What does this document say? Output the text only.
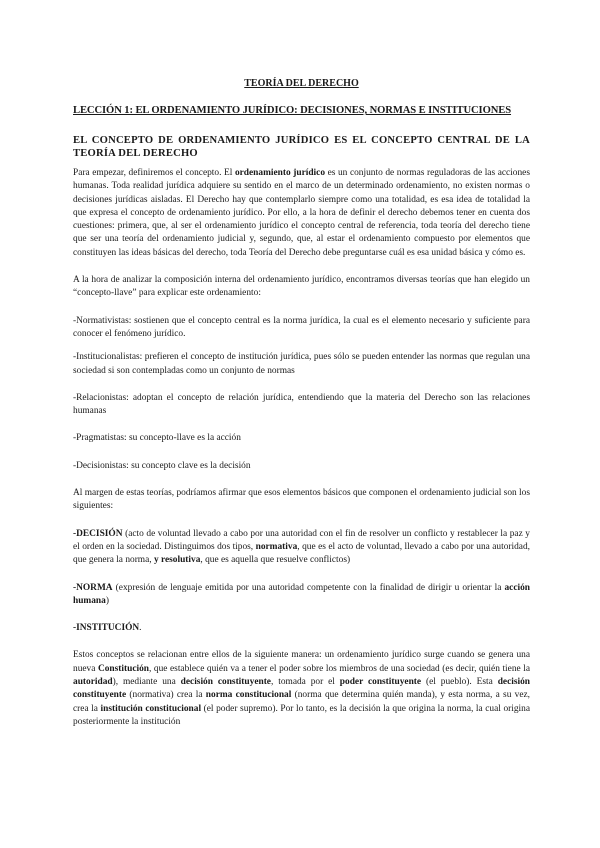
TEORÍA DEL DERECHO
LECCIÓN 1: EL ORDENAMIENTO JURÍDICO: DECISIONES, NORMAS E INSTITUCIONES
EL CONCEPTO DE ORDENAMIENTO JURÍDICO ES EL CONCEPTO CENTRAL DE LA TEORÍA DEL DERECHO

Para empezar, definiremos el concepto. El ordenamiento jurídico es un conjunto de normas reguladoras de las acciones humanas. Toda realidad jurídica adquiere su sentido en el marco de un determinado ordenamiento, no existen normas o decisiones jurídicas aisladas. El Derecho hay que contemplarlo siempre como una totalidad, es esa idea de totalidad la que expresa el concepto de ordenamiento jurídico. Por ello, a la hora de definir el derecho debemos tener en cuenta dos cuestiones: primera, que, al ser el ordenamiento jurídico el concepto central de referencia, toda teoría del derecho tiene que ser una teoría del ordenamiento judicial y, segundo, que, al estar el ordenamiento compuesto por elementos que constituyen las ideas básicas del derecho, toda Teoría del Derecho debe preguntarse cuál es esa unidad básica y cómo es.

A la hora de analizar la composición interna del ordenamiento jurídico, encontramos diversas teorías que han elegido un “concepto-llave” para explicar este ordenamiento:

-Normativistas: sostienen que el concepto central es la norma jurídica, la cual es el elemento necesario y suficiente para conocer el fenómeno jurídico.

-Institucionalistas: prefieren el concepto de institución jurídica, pues sólo se pueden entender las normas que regulan una sociedad si son contempladas como un conjunto de normas

-Relacionistas: adoptan el concepto de relación jurídica, entendiendo que la materia del Derecho son las relaciones humanas

-Pragmatistas: su concepto-llave es la acción

-Decisionistas: su concepto clave es la decisión

Al margen de estas teorías, podríamos afirmar que esos elementos básicos que componen el ordenamiento judicial son los siguientes:

-DECISIÓN (acto de voluntad llevado a cabo por una autoridad con el fin de resolver un conflicto y restablecer la paz y el orden en la sociedad. Distinguimos dos tipos, normativa, que es el acto de voluntad, llevado a cabo por una autoridad, que genera la norma, y resolutiva, que es aquella que resuelve conflictos)

-NORMA (expresión de lenguaje emitida por una autoridad competente con la finalidad de dirigir u orientar la acción humana)

-INSTITUCIÓN.

Estos conceptos se relacionan entre ellos de la siguiente manera: un ordenamiento jurídico surge cuando se genera una nueva Constitución, que establece quién va a tener el poder sobre los miembros de una sociedad (es decir, quién tiene la autoridad), mediante una decisión constituyente, tomada por el poder constituyente (el pueblo). Esta decisión constituyente (normativa) crea la norma constitucional (norma que determina quién manda), y esta norma, a su vez, crea la institución constitucional (el poder supremo). Por lo tanto, es la decisión la que origina la norma, la cual origina posteriormente la institución
